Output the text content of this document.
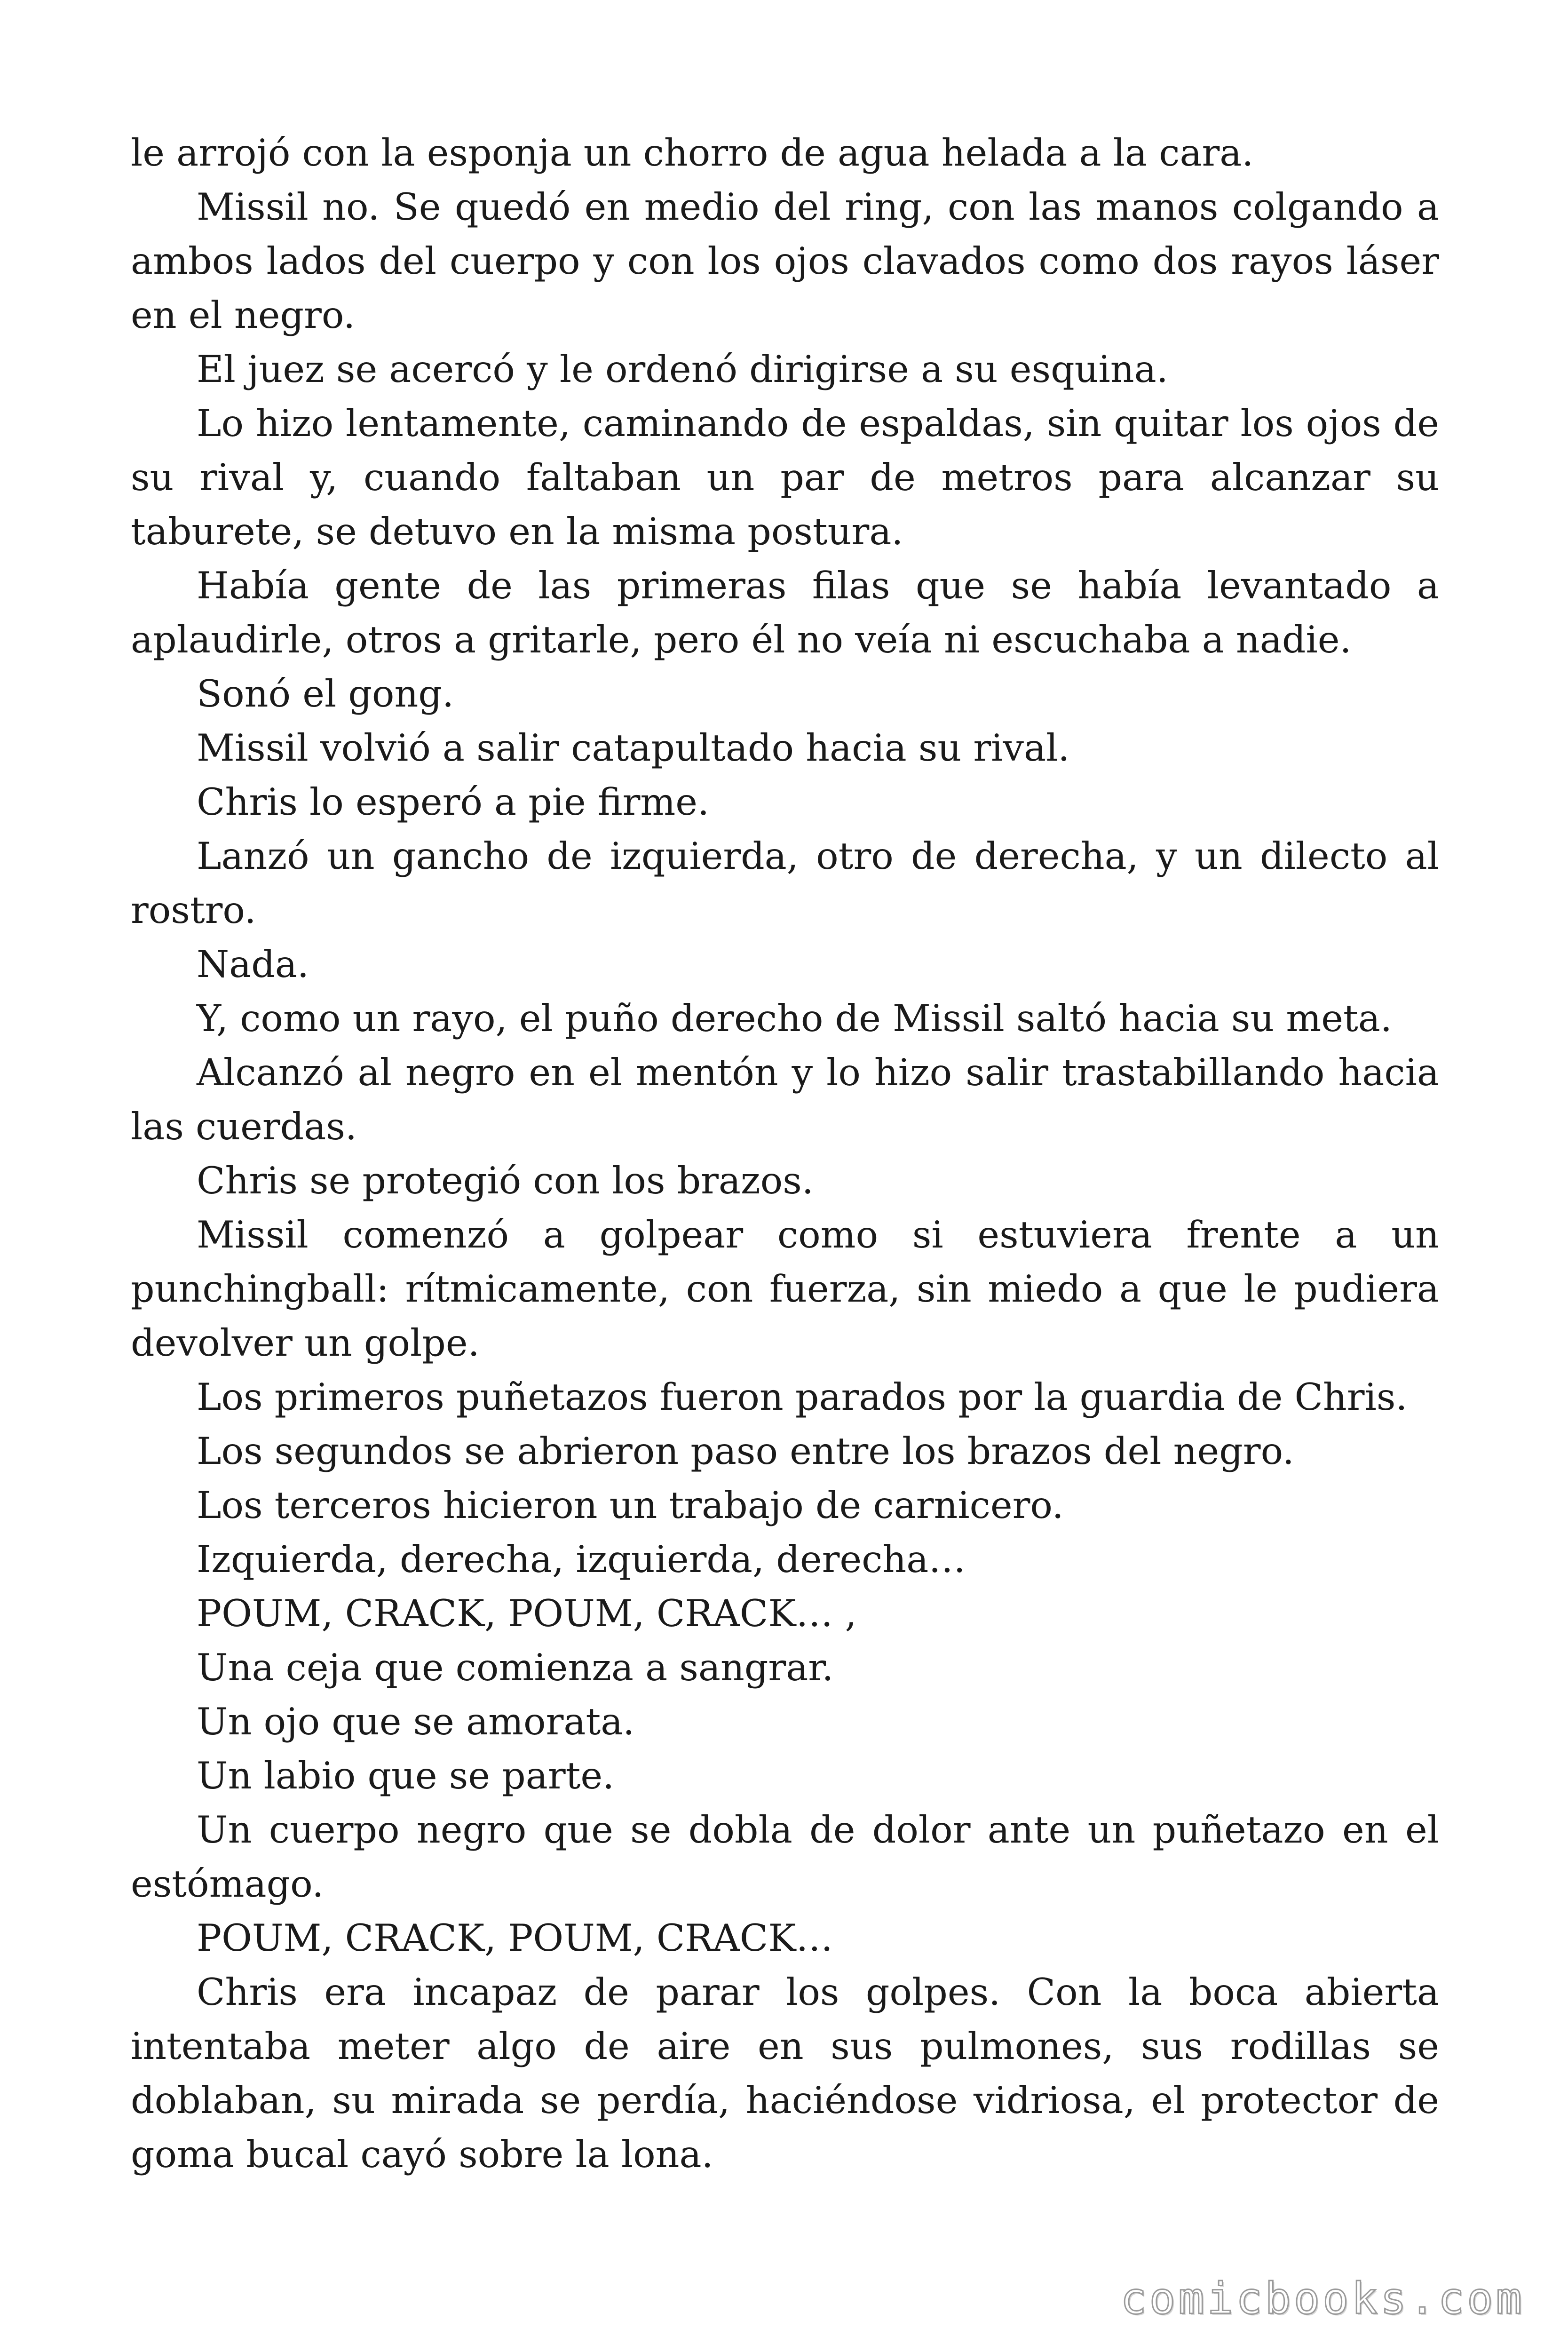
le arrojó con la esponja un chorro de agua helada a la cara.

Missil no. Se quedó en medio del ring, con las manos colgando a ambos lados del cuerpo y con los ojos clavados como dos rayos láser en el negro.

El juez se acercó y le ordenó dirigirse a su esquina.

Lo hizo lentamente, caminando de espaldas, sin quitar los ojos de su rival y, cuando faltaban un par de metros para alcanzar su taburete, se detuvo en la misma postura.

Había gente de las primeras filas que se había levantado a aplaudirle, otros a gritarle, pero él no veía ni escuchaba a nadie.

Sonó el gong.

Missil volvió a salir catapultado hacia su rival.

Chris lo esperó a pie firme.

Lanzó un gancho de izquierda, otro de derecha, y un dilecto al rostro.

Nada.

Y, como un rayo, el puño derecho de Missil saltó hacia su meta.

Alcanzó al negro en el mentón y lo hizo salir trastabillando hacia las cuerdas.

Chris se protegió con los brazos.

Missil comenzó a golpear como si estuviera frente a un punchingball: rítmicamente, con fuerza, sin miedo a que le pudiera devolver un golpe.

Los primeros puñetazos fueron parados por la guardia de Chris.

Los segundos se abrieron paso entre los brazos del negro.

Los terceros hicieron un trabajo de carnicero.

Izquierda, derecha, izquierda, derecha…

POUM, CRACK, POUM, CRACK… ,

Una ceja que comienza a sangrar.

Un ojo que se amorata.

Un labio que se parte.

Un cuerpo negro que se dobla de dolor ante un puñetazo en el estómago.

POUM, CRACK, POUM, CRACK…

Chris era incapaz de parar los golpes. Con la boca abierta intentaba meter algo de aire en sus pulmones, sus rodillas se doblaban, su mirada se perdía, haciéndose vidriosa, el protector de goma bucal cayó sobre la lona.

comicbooks.com
